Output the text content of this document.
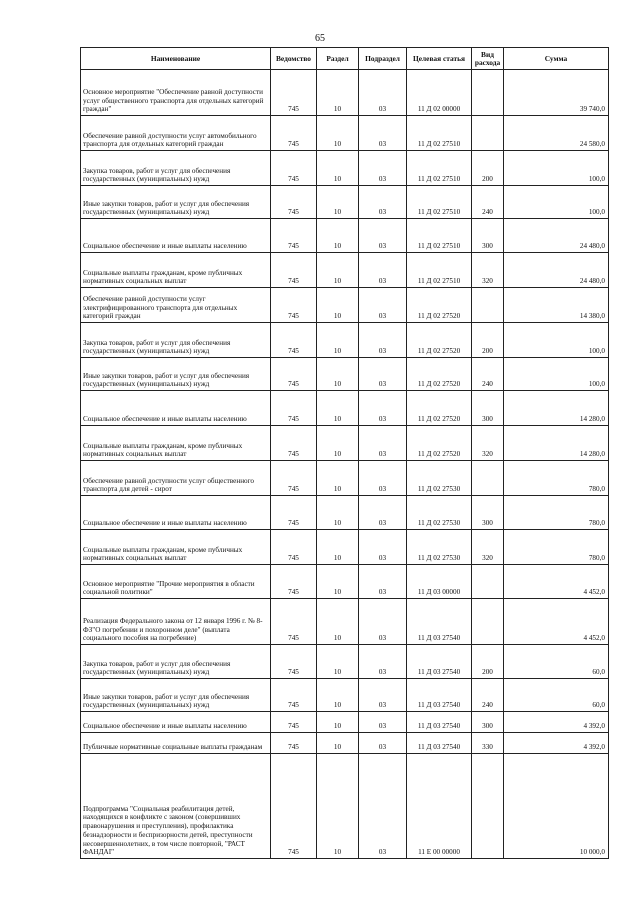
65
Наименование	Ведомство	Раздел	Подраздел	Целевая статья	Вид расхода	Сумма
Основное мероприятие "Обеспечение равной доступности услуг общественного транспорта для отдельных категорий граждан"	745	10	03	11 Д 02 00000		39 740,0
Обеспечение равной доступности услуг автомобильного транспорта для отдельных категорий граждан	745	10	03	11 Д 02 27510		24 580,0
Закупка товаров, работ и услуг для обеспечения государственных (муниципальных) нужд	745	10	03	11 Д 02 27510	200	100,0
Иные закупки товаров, работ и услуг для обеспечения государственных (муниципальных) нужд	745	10	03	11 Д 02 27510	240	100,0
Социальное обеспечение и иные выплаты населению	745	10	03	11 Д 02 27510	300	24 480,0
Социальные выплаты гражданам, кроме публичных нормативных социальных выплат	745	10	03	11 Д 02 27510	320	24 480,0
Обеспечение равной доступности услуг электрифицированного транспорта для отдельных категорий граждан	745	10	03	11 Д 02 27520		14 380,0
Закупка товаров, работ и услуг для обеспечения государственных (муниципальных) нужд	745	10	03	11 Д 02 27520	200	100,0
Иные закупки товаров, работ и услуг для обеспечения государственных (муниципальных) нужд	745	10	03	11 Д 02 27520	240	100,0
Социальное обеспечение и иные выплаты населению	745	10	03	11 Д 02 27520	300	14 280,0
Социальные выплаты гражданам, кроме публичных нормативных социальных выплат	745	10	03	11 Д 02 27520	320	14 280,0
Обеспечение равной доступности услуг общественного транспорта для детей - сирот	745	10	03	11 Д 02 27530		780,0
Социальное обеспечение и иные выплаты населению	745	10	03	11 Д 02 27530	300	780,0
Социальные выплаты гражданам, кроме публичных нормативных социальных выплат	745	10	03	11 Д 02 27530	320	780,0
Основное мероприятие "Прочие мероприятия в области социальной политики"	745	10	03	11 Д 03 00000		4 452,0
Реализация Федерального закона от 12 января 1996 г. № 8-ФЗ"О погребении и похоронном деле" (выплата социального пособия на погребение)	745	10	03	11 Д 03 27540		4 452,0
Закупка товаров, работ и услуг для обеспечения государственных (муниципальных) нужд	745	10	03	11 Д 03 27540	200	60,0
Иные закупки товаров, работ и услуг для обеспечения государственных (муниципальных) нужд	745	10	03	11 Д 03 27540	240	60,0
Социальное обеспечение и иные выплаты населению	745	10	03	11 Д 03 27540	300	4 392,0
Публичные нормативные социальные выплаты гражданам	745	10	03	11 Д 03 27540	330	4 392,0
Подпрограмма "Социальная реабилитация детей, находящихся в конфликте с законом (совершивших правонарушения и преступления), профилактика безнадзорности и беспризорности детей, преступности несовершеннолетних, в том числе повторной, "РАСТ ФАНДАІ"	745	10	03	11 Е 00 00000		10 000,0
